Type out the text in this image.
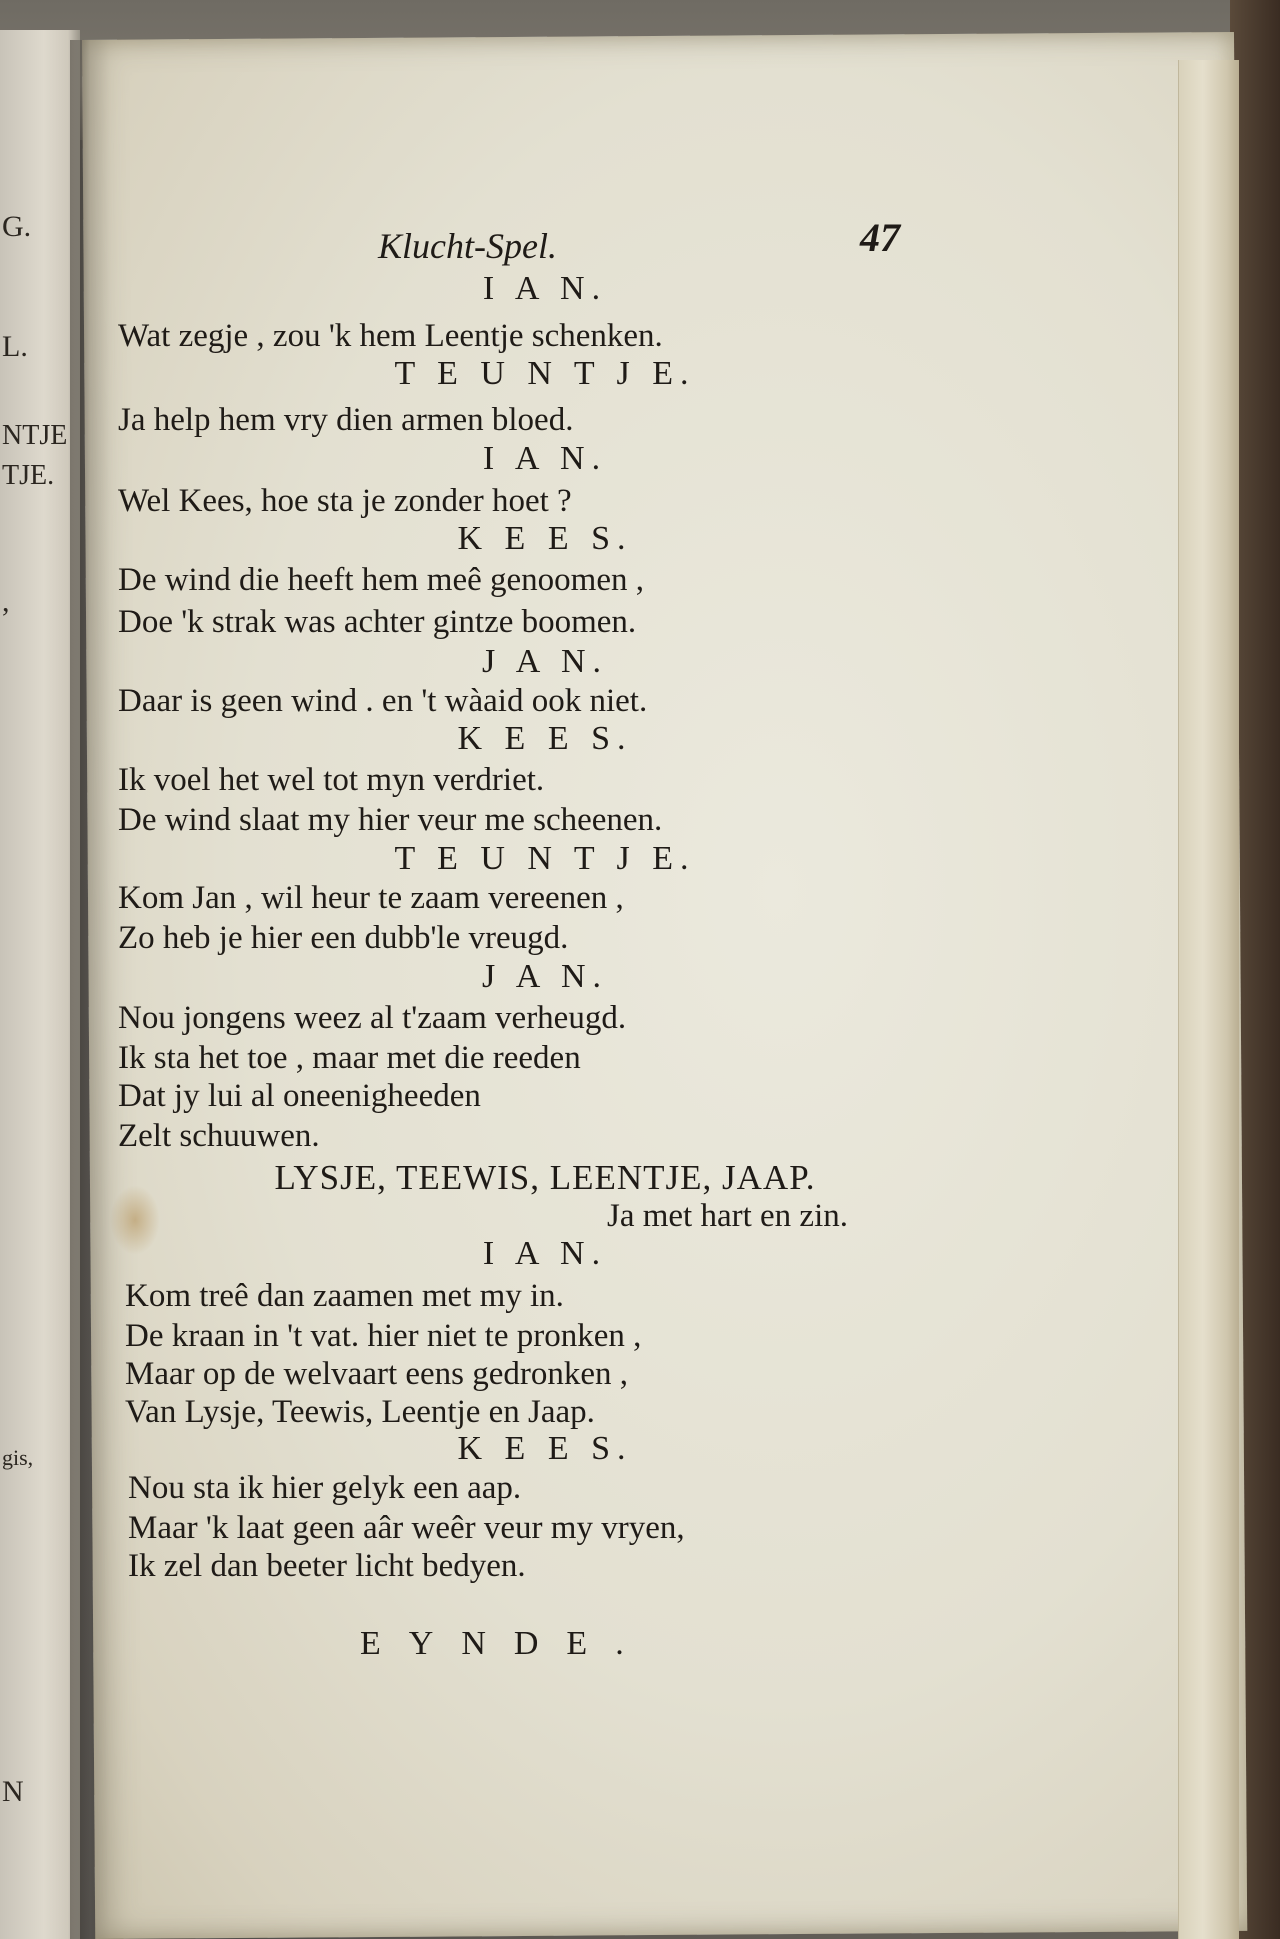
G.
L.
NTJE
TJE.
,
gis,
N
Klucht-Spel.	47
I A N.
Wat zegje , zou 'k hem Leentje schenken.
T E U N T J E.
Ja help hem vry dien armen bloed.
I A N.
Wel Kees, hoe sta je zonder hoet ?
K E E S.
De wind die heeft hem meê genoomen ,
Doe 'k strak was achter gintze boomen.
J A N.
Daar is geen wind . en 't wàaid ook niet.
K E E S.
Ik voel het wel tot myn verdriet.
De wind slaat my hier veur me scheenen.
T E U N T J E.
Kom Jan , wil heur te zaam vereenen ,
Zo heb je hier een dubb'le vreugd.
J A N.
Nou jongens weez al t'zaam verheugd.
Ik sta het toe , maar met die reeden
Dat jy lui al oneenigheeden
Zelt schuuwen.
LYSJE, TEEWIS, LEENTJE, JAAP.
Ja met hart en zin.
I A N.
Kom treê dan zaamen met my in.
De kraan in 't vat. hier niet te pronken ,
Maar op de welvaart eens gedronken ,
Van Lysje, Teewis, Leentje en Jaap.
K E E S.
Nou sta ik hier gelyk een aap.
Maar 'k laat geen aâr weêr veur my vryen,
Ik zel dan beeter licht bedyen.
EYNDE.
